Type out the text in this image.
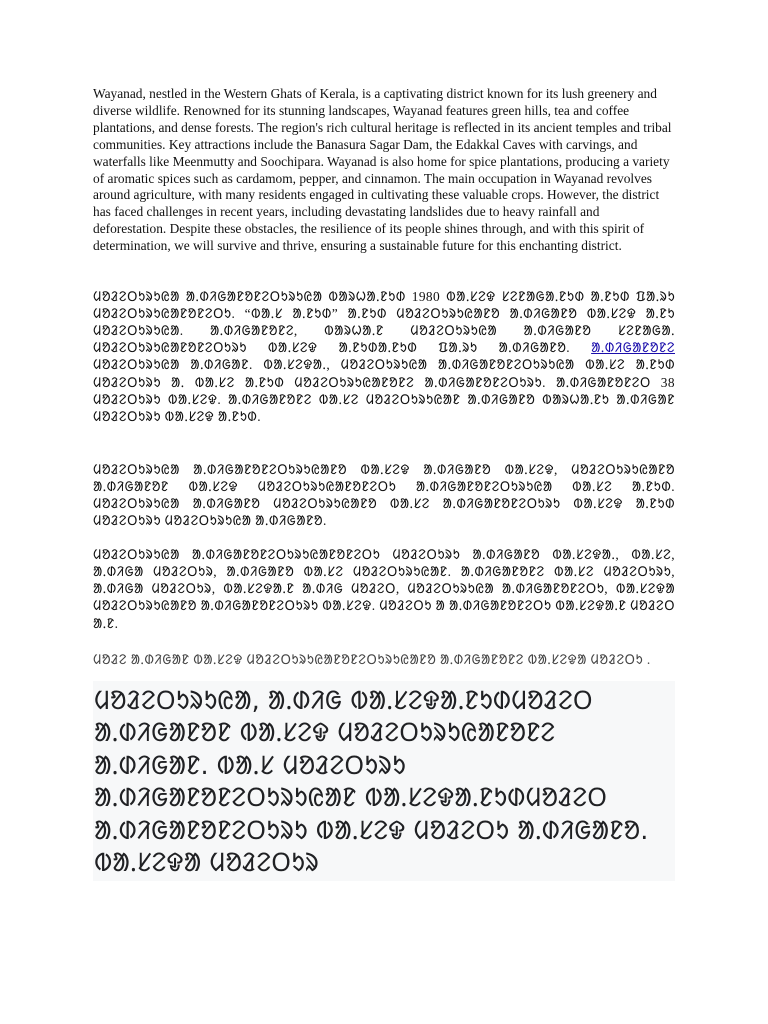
Wayanad, nestled in the Western Ghats of Kerala, is a captivating district known for its lush greenery and diverse wildlife. Renowned for its stunning landscapes, Wayanad features green hills, tea and coffee plantations, and dense forests. The region's rich cultural heritage is reflected in its ancient temples and tribal communities. Key attractions include the Banasura Sagar Dam, the Edakkal Caves with carvings, and waterfalls like Meenmutty and Soochipara. Wayanad is also home for spice plantations, producing a variety of aromatic spices such as cardamom, pepper, and cinnamon. The main occupation in Wayanad revolves around agriculture, with many residents engaged in cultivating these valuable crops. However, the district has faced challenges in recent years, including devastating landslides due to heavy rainfall and deforestation. Despite these obstacles, the resilience of its people shines through, and with this spirit of determination, we will survive and thrive, ensuring a sustainable future for this enchanting district.

ᱢᱚᱲᱮᱛᱩᱨᱩᱭᱟ ᱟᱹᱰᱤᱜᱟᱱᱚᱱᱮᱛᱩᱨᱩᱭᱟ ᱵᱟᱨᱦᱟᱹᱱᱩᱰ 1980 ᱵᱟᱹᱥᱮᱫ ᱥᱮᱱᱟᱜᱟᱹᱱᱩᱰ ᱟᱹᱱᱩᱰ ᱯᱟᱹᱨᱩ ᱢᱚᱲᱮᱛᱩᱨᱩᱭᱟᱱᱚᱱᱮᱛᱩ. “ᱵᱟᱹᱥ ᱟᱹᱱᱩᱰ” ᱟᱹᱱᱩᱰ ᱢᱚᱲᱮᱛᱩᱨᱩᱭᱟᱱᱚ ᱟᱹᱰᱤᱜᱟᱱᱚ ᱵᱟᱹᱥᱮᱫ ᱟᱹᱱᱩ ᱢᱚᱲᱮᱛᱩᱨᱩᱭᱟ. ᱟᱹᱰᱤᱜᱟᱱᱚᱱᱮ, ᱵᱟᱨᱦᱟᱹᱱ ᱢᱚᱲᱮᱛᱩᱨᱩᱭᱟ ᱟᱹᱰᱤᱜᱟᱱᱚ ᱥᱮᱱᱟᱜᱟᱹ ᱢᱚᱲᱮᱛᱩᱨᱩᱭᱟᱱᱚᱱᱮᱛᱩᱨᱩ ᱵᱟᱹᱥᱮᱫ ᱟᱹᱱᱩᱰᱟᱹᱱᱩᱰ ᱯᱟᱹᱨᱩ ᱟᱹᱰᱤᱜᱟᱱᱚ. ᱟᱹᱰᱤᱜᱟᱱᱚᱱᱮ ᱢᱚᱲᱮᱛᱩᱨᱩᱭᱟ ᱟᱹᱰᱤᱜᱟᱱ. ᱵᱟᱹᱥᱮᱫᱟᱹ, ᱢᱚᱲᱮᱛᱩᱨᱩᱭᱟ ᱟᱹᱰᱤᱜᱟᱱᱚᱱᱮᱛᱩᱨᱩᱭᱟ ᱵᱟᱹᱥᱮ ᱟᱹᱱᱩᱰ ᱢᱚᱲᱮᱛᱩᱨᱩ ᱟᱹ ᱵᱟᱹᱥᱮ ᱟᱹᱱᱩᱰ ᱢᱚᱲᱮᱛᱩᱨᱩᱭᱟᱱᱚᱱᱮ ᱟᱹᱰᱤᱜᱟᱱᱚᱱᱮᱛᱩᱨᱩ. ᱟᱹᱰᱤᱜᱟᱱᱚᱱᱮᱛ 38 ᱢᱚᱲᱮᱛᱩᱨᱩ ᱵᱟᱹᱥᱮᱫ. ᱟᱹᱰᱤᱜᱟᱱᱚᱱᱮ ᱵᱟᱹᱥᱮ ᱢᱚᱲᱮᱛᱩᱨᱩᱭᱟᱱ ᱟᱹᱰᱤᱜᱟᱱᱚ ᱵᱟᱨᱦᱟᱹᱱᱩ ᱟᱹᱰᱤᱜᱟᱱ ᱢᱚᱲᱮᱛᱩᱨᱩ ᱵᱟᱹᱥᱮᱫ ᱟᱹᱱᱩᱰ.

ᱢᱚᱲᱮᱛᱩᱨᱩᱭᱟ ᱟᱹᱰᱤᱜᱟᱱᱚᱱᱮᱛᱩᱨᱩᱭᱟᱱᱚ ᱵᱟᱹᱥᱮᱫ ᱟᱹᱰᱤᱜᱟᱱᱚ ᱵᱟᱹᱥᱮᱫ, ᱢᱚᱲᱮᱛᱩᱨᱩᱭᱟᱱᱚ ᱟᱹᱰᱤᱜᱟᱱᱚᱱ ᱵᱟᱹᱥᱮᱫ ᱢᱚᱲᱮᱛᱩᱨᱩᱭᱟᱱᱚᱱᱮᱛᱩ ᱟᱹᱰᱤᱜᱟᱱᱚᱱᱮᱛᱩᱨᱩᱭᱟ ᱵᱟᱹᱥᱮ ᱟᱹᱱᱩᱰ. ᱢᱚᱲᱮᱛᱩᱨᱩᱭᱟ ᱟᱹᱰᱤᱜᱟᱱᱚ ᱢᱚᱲᱮᱛᱩᱨᱩᱭᱟᱱᱚ ᱵᱟᱹᱥᱮ ᱟᱹᱰᱤᱜᱟᱱᱚᱱᱮᱛᱩᱨᱩ ᱵᱟᱹᱥᱮᱫ ᱟᱹᱱᱩᱰ ᱢᱚᱲᱮᱛᱩᱨᱩ ᱢᱚᱲᱮᱛᱩᱨᱩᱭᱟ ᱟᱹᱰᱤᱜᱟᱱᱚ.

ᱢᱚᱲᱮᱛᱩᱨᱩᱭᱟ ᱟᱹᱰᱤᱜᱟᱱᱚᱱᱮᱛᱩᱨᱩᱭᱟᱱᱚᱱᱮᱛᱩ ᱢᱚᱲᱮᱛᱩᱨᱩ ᱟᱹᱰᱤᱜᱟᱱᱚ ᱵᱟᱹᱥᱮᱫᱟᱹ, ᱵᱟᱹᱥᱮ, ᱟᱹᱰᱤᱜᱟ ᱢᱚᱲᱮᱛᱩᱨ, ᱟᱹᱰᱤᱜᱟᱱᱚ ᱵᱟᱹᱥᱮ ᱢᱚᱲᱮᱛᱩᱨᱩᱭᱟᱱ. ᱟᱹᱰᱤᱜᱟᱱᱚᱱᱮ ᱵᱟᱹᱥᱮ ᱢᱚᱲᱮᱛᱩᱨᱩ, ᱟᱹᱰᱤᱜᱟ ᱢᱚᱲᱮᱛᱩᱨ, ᱵᱟᱹᱥᱮᱫᱟᱹᱱ ᱟᱹᱰᱤᱜ ᱢᱚᱲᱮᱛ, ᱢᱚᱲᱮᱛᱩᱨᱩᱭᱟ ᱟᱹᱰᱤᱜᱟᱱᱚᱱᱮᱛᱩ, ᱵᱟᱹᱥᱮᱫᱟ ᱢᱚᱲᱮᱛᱩᱨᱩᱭᱟᱱᱚ ᱟᱹᱰᱤᱜᱟᱱᱚᱱᱮᱛᱩᱨᱩ ᱵᱟᱹᱥᱮᱫ. ᱢᱚᱲᱮᱛᱩ ᱟ ᱟᱹᱰᱤᱜᱟᱱᱚᱱᱮᱛᱩ ᱵᱟᱹᱥᱮᱫᱟᱹᱱ ᱢᱚᱲᱮᱛ ᱟᱹᱱ.

ᱢᱚᱲᱮ ᱟᱹᱰᱤᱜᱟᱱ ᱵᱟᱹᱥᱮᱫ ᱢᱚᱲᱮᱛᱩᱨᱩᱭᱟᱱᱚᱱᱮᱛᱩᱨᱩᱭᱟᱱᱚ ᱟᱹᱰᱤᱜᱟᱱᱚᱱᱮ ᱵᱟᱹᱥᱮᱫᱟ ᱢᱚᱲᱮᱛᱩ .

ᱢᱚᱲᱮᱛᱩᱨᱩᱭᱟ, ᱟᱹᱰᱤᱜ ᱵᱟᱹᱥᱮᱫᱟᱹᱱᱩᱰᱢᱚᱲᱮᱛ ᱟᱹᱰᱤᱜᱟᱱᱚᱱ ᱵᱟᱹᱥᱮᱫ ᱢᱚᱲᱮᱛᱩᱨᱩᱭᱟᱱᱚᱱᱮ ᱟᱹᱰᱤᱜᱟᱱ. ᱵᱟᱹᱥ ᱢᱚᱲᱮᱛᱩᱨᱩ ᱟᱹᱰᱤᱜᱟᱱᱚᱱᱮᱛᱩᱨᱩᱭᱟᱱ ᱵᱟᱹᱥᱮᱫᱟᱹᱱᱩᱰᱢᱚᱲᱮᱛ ᱟᱹᱰᱤᱜᱟᱱᱚᱱᱮᱛᱩᱨᱩ ᱵᱟᱹᱥᱮᱫ ᱢᱚᱲᱮᱛᱩ ᱟᱹᱰᱤᱜᱟᱱᱚ. ᱵᱟᱹᱥᱮᱫᱟ ᱢᱚᱲᱮᱛᱩᱨ
